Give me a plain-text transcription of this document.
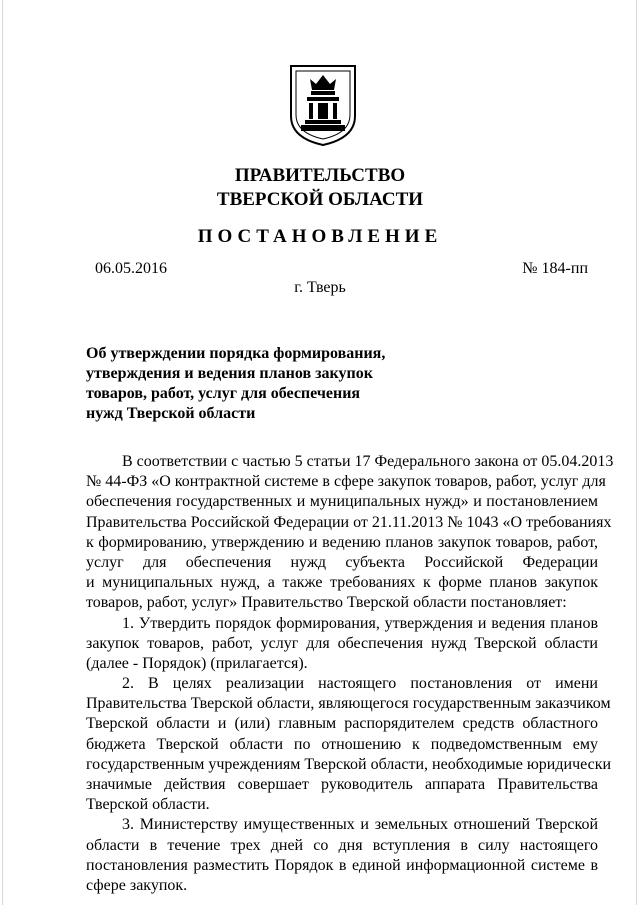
ПРАВИТЕЛЬСТВО
ТВЕРСКОЙ ОБЛАСТИ
ПОСТАНОВЛЕНИЕ
06.05.2016	№ 184-пп
г. Тверь
Об утверждении порядка формирования,
утверждения и ведения планов закупок
товаров, работ, услуг для обеспечения
нужд Тверской области
В соответствии с частью 5 статьи 17 Федерального закона от 05.04.2013
№ 44-ФЗ «О контрактной системе в сфере закупок товаров, работ, услуг для
обеспечения государственных и муниципальных нужд» и постановлением
Правительства Российской Федерации от 21.11.2013 № 1043 «О требованиях
к формированию, утверждению и ведению планов закупок товаров, работ,
услуг для обеспечения нужд субъекта Российской Федерации
и муниципальных нужд, а также требованиях к форме планов закупок
товаров, работ, услуг» Правительство Тверской области постановляет:
1. Утвердить порядок формирования, утверждения и ведения планов
закупок товаров, работ, услуг для обеспечения нужд Тверской области
(далее - Порядок) (прилагается).
2. В целях реализации настоящего постановления от имени
Правительства Тверской области, являющегося государственным заказчиком
Тверской области и (или) главным распорядителем средств областного
бюджета Тверской области по отношению к подведомственным ему
государственным учреждениям Тверской области, необходимые юридически
значимые действия совершает руководитель аппарата Правительства
Тверской области.
3. Министерству имущественных и земельных отношений Тверской
области в течение трех дней со дня вступления в силу настоящего
постановления разместить Порядок в единой информационной системе в
сфере закупок.
